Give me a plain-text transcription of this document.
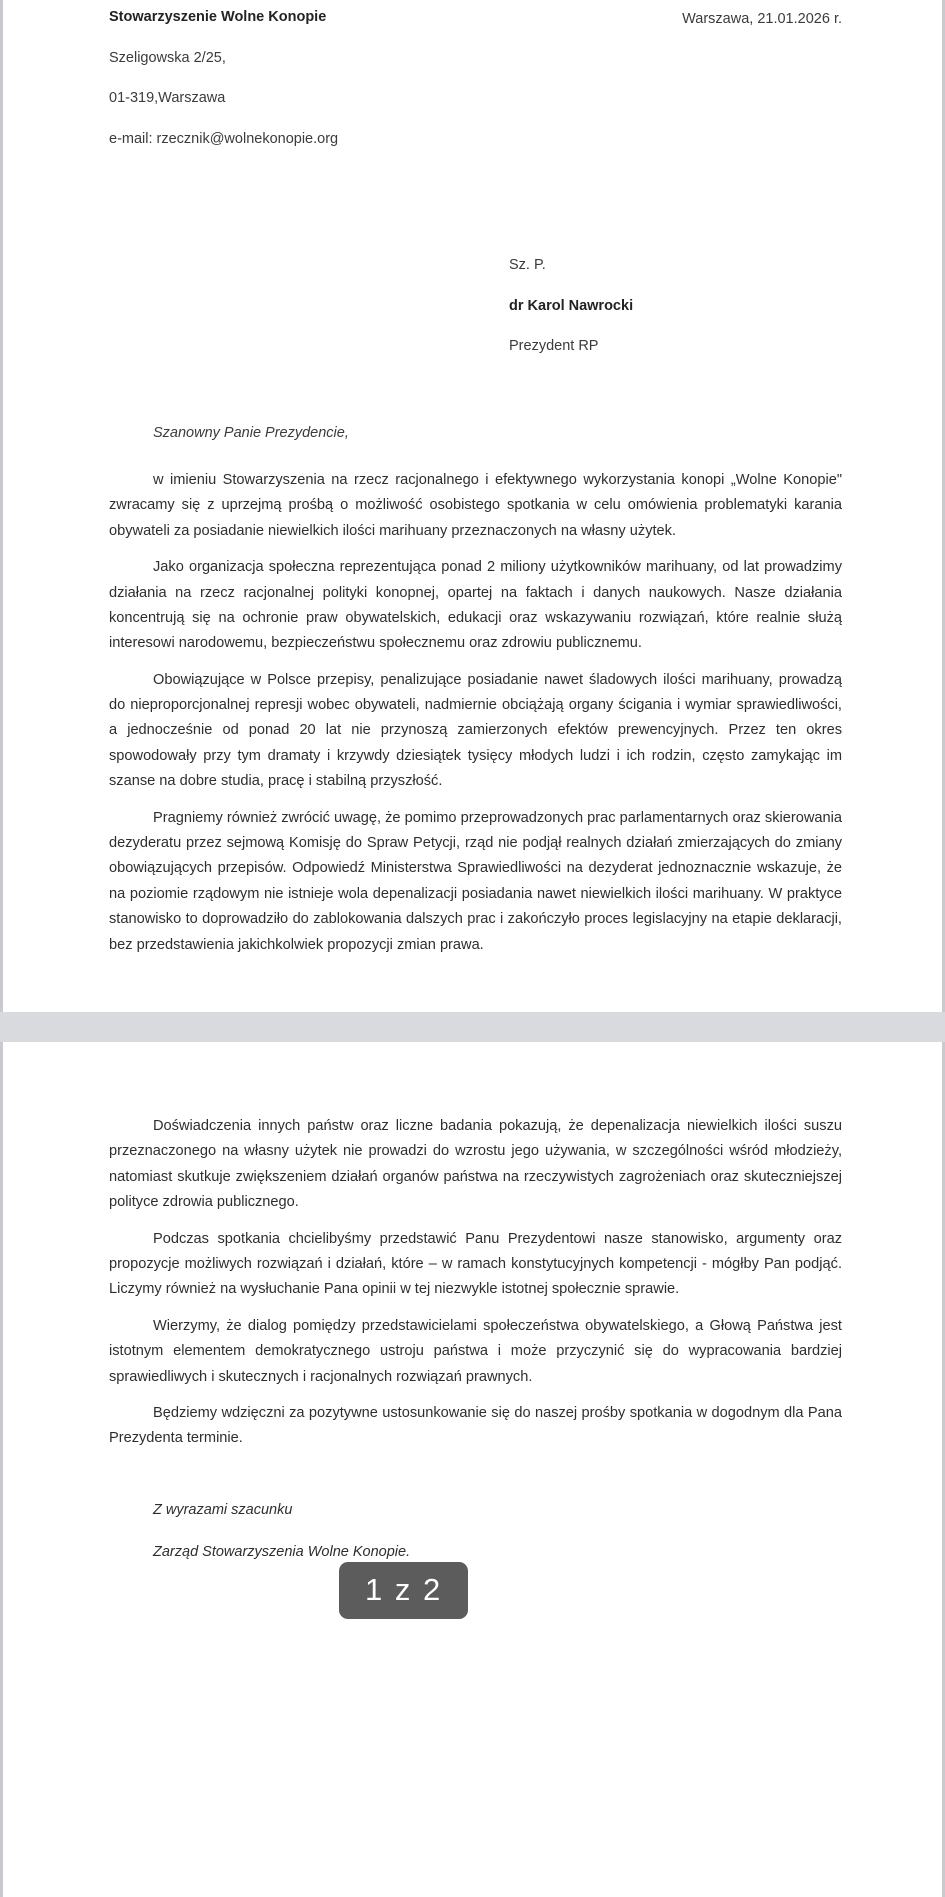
Stowarzyszenie Wolne Konopie
Szeligowska 2/25,
01-319,Warszawa
e-mail: rzecznik@wolnekonopie.org
Warszawa, 21.01.2026 r.
Sz. P.
dr Karol Nawrocki
Prezydent RP
Szanowny Panie Prezydencie,

w imieniu Stowarzyszenia na rzecz racjonalnego i efektywnego wykorzystania konopi „Wolne Konopie" zwracamy się z uprzejmą prośbą o możliwość osobistego spotkania w celu omówienia problematyki karania obywateli za posiadanie niewielkich ilości marihuany przeznaczonych na własny użytek.

Jako organizacja społeczna reprezentująca ponad 2 miliony użytkowników marihuany, od lat prowadzimy działania na rzecz racjonalnej polityki konopnej, opartej na faktach i danych naukowych. Nasze działania koncentrują się na ochronie praw obywatelskich, edukacji oraz wskazywaniu rozwiązań, które realnie służą interesowi narodowemu, bezpieczeństwu społecznemu oraz zdrowiu publicznemu.

Obowiązujące w Polsce przepisy, penalizujące posiadanie nawet śladowych ilości marihuany, prowadzą do nieproporcjonalnej represji wobec obywateli, nadmiernie obciążają organy ścigania i wymiar sprawiedliwości, a jednocześnie od ponad 20 lat nie przynoszą zamierzonych efektów prewencyjnych. Przez ten okres spowodowały przy tym dramaty i krzywdy dziesiątek tysięcy młodych ludzi i ich rodzin, często zamykając im szanse na dobre studia, pracę i stabilną przyszłość.

Pragniemy również zwrócić uwagę, że pomimo przeprowadzonych prac parlamentarnych oraz skierowania dezyderatu przez sejmową Komisję do Spraw Petycji, rząd nie podjął realnych działań zmierzających do zmiany obowiązujących przepisów. Odpowiedź Ministerstwa Sprawiedliwości na dezyderat jednoznacznie wskazuje, że na poziomie rządowym nie istnieje wola depenalizacji posiadania nawet niewielkich ilości marihuany. W praktyce stanowisko to doprowadziło do zablokowania dalszych prac i zakończyło proces legislacyjny na etapie deklaracji, bez przedstawienia jakichkolwiek propozycji zmian prawa.

Doświadczenia innych państw oraz liczne badania pokazują, że depenalizacja niewielkich ilości suszu przeznaczonego na własny użytek nie prowadzi do wzrostu jego używania, w szczególności wśród młodzieży, natomiast skutkuje zwiększeniem działań organów państwa na rzeczywistych zagrożeniach oraz skuteczniejszej polityce zdrowia publicznego.

Podczas spotkania chcielibyśmy przedstawić Panu Prezydentowi nasze stanowisko, argumenty oraz propozycje możliwych rozwiązań i działań, które – w ramach konstytucyjnych kompetencji - mógłby Pan podjąć. Liczymy również na wysłuchanie Pana opinii w tej niezwykle istotnej społecznie sprawie.

Wierzymy, że dialog pomiędzy przedstawicielami społeczeństwa obywatelskiego, a Głową Państwa jest istotnym elementem demokratycznego ustroju państwa i może przyczynić się do wypracowania bardziej sprawiedliwych i skutecznych i racjonalnych rozwiązań prawnych.

Będziemy wdzięczni za pozytywne ustosunkowanie się do naszej prośby spotkania w dogodnym dla Pana Prezydenta terminie.

Z wyrazami szacunku
Zarząd Stowarzyszenia Wolne Konopie.
1 z 2
